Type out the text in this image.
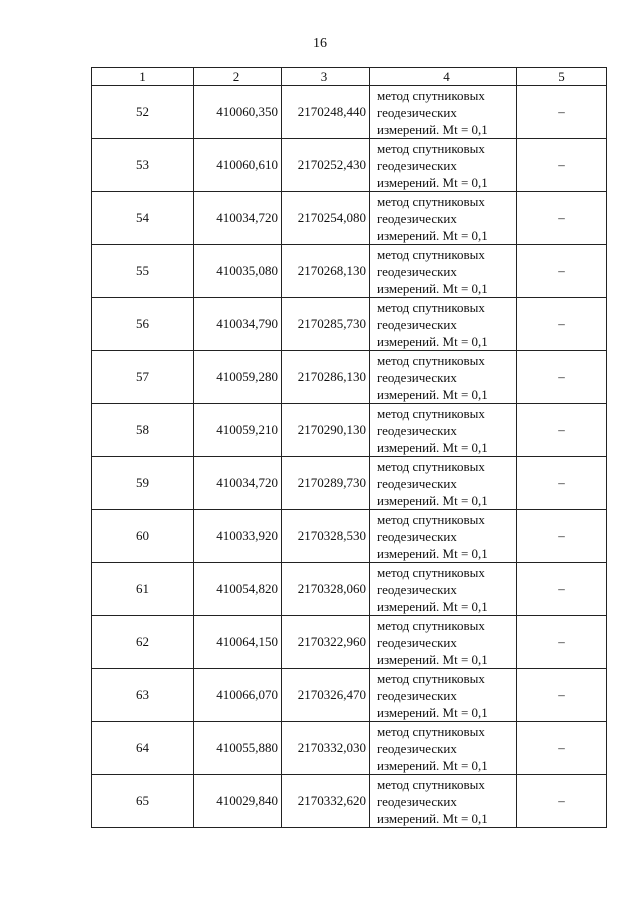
16
1	2	3	4	5
52	410060,350	2170248,440	метод спутниковых
геодезических
измерений. Mt = 0,1	–
53	410060,610	2170252,430	метод спутниковых
геодезических
измерений. Mt = 0,1	–
54	410034,720	2170254,080	метод спутниковых
геодезических
измерений. Mt = 0,1	–
55	410035,080	2170268,130	метод спутниковых
геодезических
измерений. Mt = 0,1	–
56	410034,790	2170285,730	метод спутниковых
геодезических
измерений. Mt = 0,1	–
57	410059,280	2170286,130	метод спутниковых
геодезических
измерений. Mt = 0,1	–
58	410059,210	2170290,130	метод спутниковых
геодезических
измерений. Mt = 0,1	–
59	410034,720	2170289,730	метод спутниковых
геодезических
измерений. Mt = 0,1	–
60	410033,920	2170328,530	метод спутниковых
геодезических
измерений. Mt = 0,1	–
61	410054,820	2170328,060	метод спутниковых
геодезических
измерений. Mt = 0,1	–
62	410064,150	2170322,960	метод спутниковых
геодезических
измерений. Mt = 0,1	–
63	410066,070	2170326,470	метод спутниковых
геодезических
измерений. Mt = 0,1	–
64	410055,880	2170332,030	метод спутниковых
геодезических
измерений. Mt = 0,1	–
65	410029,840	2170332,620	метод спутниковых
геодезических
измерений. Mt = 0,1	–
